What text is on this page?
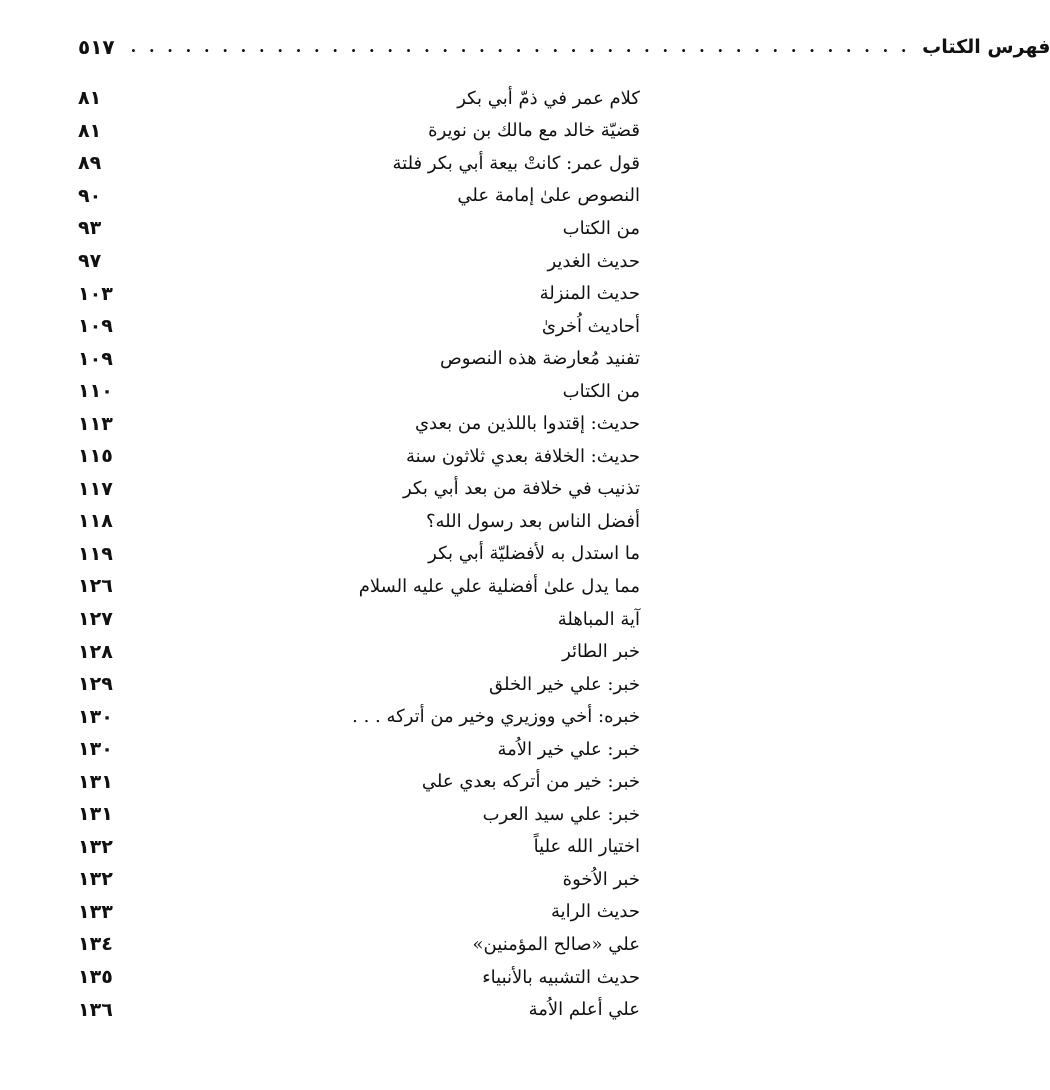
٥١٧ . . . . . . . . . . . . . . . . . . . . . . . . . . . . . . . . . . . . . . . . . . . فهرس الكتاب
٨١	كلام عمر في ذمّ أبي بكر
٨١	قضيّة خالد مع مالك بن نويرة
٨٩	قول عمر: كانتْ بيعة أبي بكر فلتة
٩٠	النصوص علىٰ إمامة علي
٩٣	من الكتاب
٩٧	حديث الغدير
١٠٣	حديث المنزلة
١٠٩	أحاديث اُخرىٰ
١٠٩	تفنيد مُعارضة هذه النصوص
١١٠	من الكتاب
١١٣	حديث: إقتدوا باللذين من بعدي
١١٥	حديث: الخلافة بعدي ثلاثون سنة
١١٧	تذنيب في خلافة من بعد أبي بكر
١١٨	أفضل الناس بعد رسول الله؟
١١٩	ما استدل به لأفضليّة أبي بكر
١٢٦	مما يدل علىٰ أفضلية علي عليه السلام
١٢٧	آية المباهلة
١٢٨	خبر الطائر
١٢٩	خبر: علي خير الخلق
١٣٠	خبره: أخي ووزيري وخير من أتركه . . .
١٣٠	خبر: علي خير الاُمة
١٣١	خبر: خير من أتركه بعدي علي
١٣١	خبر: علي سيد العرب
١٣٢	اختيار الله علياً
١٣٢	خبر الاُخوة
١٣٣	حديث الراية
١٣٤	علي «صالح المؤمنين»
١٣٥	حديث التشبيه بالأنبياء
١٣٦	علي أعلم الاُمة
